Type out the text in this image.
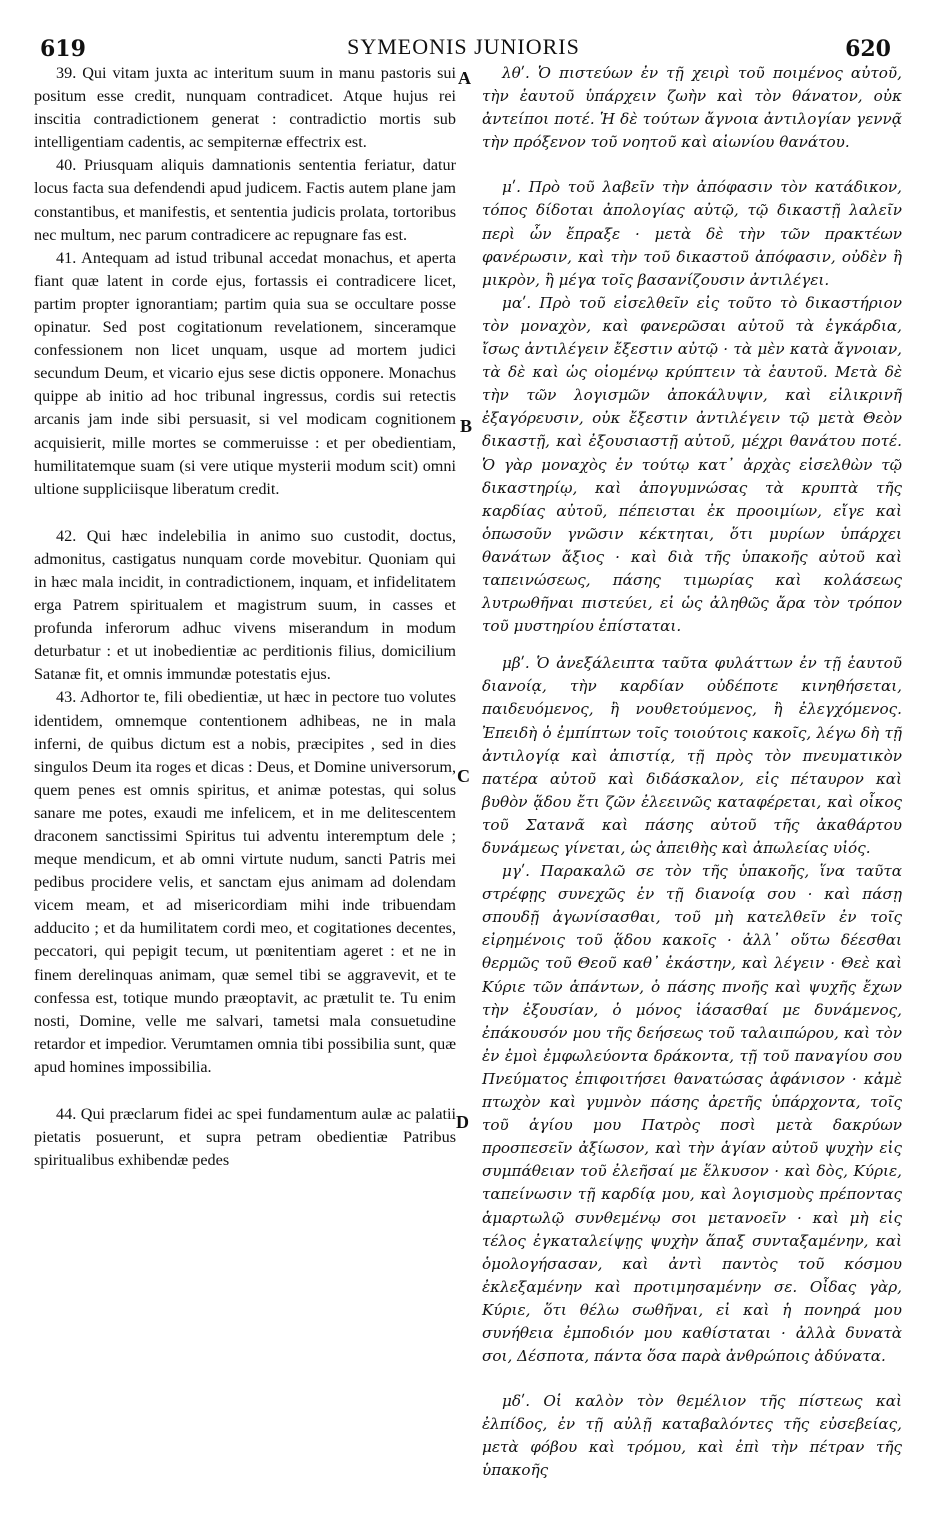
619	SYMEONIS JUNIORIS	620
A
B
C
D

39. Qui vitam juxta ac interitum suum in manu pastoris sui positum esse credit, nunquam contradicet. Atque hujus rei inscitia contradictionem generat : contradictio mortis sub intelligentiam cadentis, ac sempiternæ effectrix est.

40. Priusquam aliquis damnationis sententia feriatur, datur locus facta sua defendendi apud judicem. Factis autem plane jam constantibus, et manifestis, et sententia judicis prolata, tortoribus nec multum, nec parum contradicere ac repugnare fas est.

41. Antequam ad istud tribunal accedat monachus, et aperta fiant quæ latent in corde ejus, fortassis ei contradicere licet, partim propter ignorantiam; partim quia sua se occultare posse opinatur. Sed post cogitationum revelationem, sinceramque confessionem non licet unquam, usque ad mortem judici secundum Deum, et vicario ejus sese dictis opponere. Monachus quippe ab initio ad hoc tribunal ingressus, cordis sui retectis arcanis jam inde sibi persuasit, si vel modicam cognitionem acquisierit, mille mortes se commeruisse : et per obedientiam, humilitatemque suam (si vere utique mysterii modum scit) omni ultione suppliciisque liberatum credit.

42. Qui hæc indelebilia in animo suo custodit, doctus, admonitus, castigatus nunquam corde movebitur. Quoniam qui in hæc mala incidit, in contradictionem, inquam, et infidelitatem erga Patrem spiritualem et magistrum suum, in casses et profunda inferorum adhuc vivens miserandum in modum deturbatur : et ut inobedientiæ ac perditionis filius, domicilium Satanæ fit, et omnis immundæ potestatis ejus.

43. Adhortor te, fili obedientiæ, ut hæc in pectore tuo volutes identidem, omnemque contentionem adhibeas, ne in mala inferni, de quibus dictum est a nobis, præcipites , sed in dies singulos Deum ita roges et dicas : Deus, et Domine universorum, quem penes est omnis spiritus, et animæ potestas, qui solus sanare me potes, exaudi me infelicem, et in me delitescentem draconem sanctissimi Spiritus tui adventu interemptum dele ; meque mendicum, et ab omni virtute nudum, sancti Patris mei pedibus procidere velis, et sanctam ejus animam ad dolendam vicem meam, et ad misericordiam mihi inde tribuendam adducito ; et da humilitatem cordi meo, et cogitationes decentes, peccatori, qui pepigit tecum, ut pœnitentiam ageret : et ne in finem derelinquas animam, quæ semel tibi se aggravevit, et te confessa est, totique mundo præoptavit, ac prætulit te. Tu enim nosti, Domine, velle me salvari, tametsi mala consuetudine retardor et impedior. Verumtamen omnia tibi possibilia sunt, quæ apud homines impossibilia.

44. Qui præclarum fidei ac spei fundamentum aulæ ac palatii pietatis posuerunt, et supra petram obedientiæ Patribus spiritualibus exhibendæ pedes

λθʹ. Ὁ πιστεύων ἐν τῇ χειρὶ τοῦ ποιμένος αὐτοῦ, τὴν ἑαυτοῦ ὑπάρχειν ζωὴν καὶ τὸν θάνατον, οὐκ ἀντείποι ποτέ. Ἡ δὲ τούτων ἄγνοια ἀντιλογίαν γεννᾷ τὴν πρόξενον τοῦ νοητοῦ καὶ αἰωνίου θανάτου.

μʹ. Πρὸ τοῦ λαβεῖν τὴν ἀπόφασιν τὸν κατάδικον, τόπος δίδοται ἀπολογίας αὐτῷ, τῷ δικαστῇ λαλεῖν περὶ ὧν ἔπραξε · μετὰ δὲ τὴν τῶν πρακτέων φανέρωσιν, καὶ τὴν τοῦ δικαστοῦ ἀπόφασιν, οὐδὲν ἢ μικρὸν, ἢ μέγα τοῖς βασανίζουσιν ἀντιλέγει.

μαʹ. Πρὸ τοῦ εἰσελθεῖν εἰς τοῦτο τὸ δικαστήριον τὸν μοναχὸν, καὶ φανερῶσαι αὐτοῦ τὰ ἐγκάρδια, ἴσως ἀντιλέγειν ἔξεστιν αὐτῷ · τὰ μὲν κατὰ ἄγνοιαν, τὰ δὲ καὶ ὡς οἰομένῳ κρύπτειν τὰ ἑαυτοῦ. Μετὰ δὲ τὴν τῶν λογισμῶν ἀποκάλυψιν, καὶ εἰλικρινῆ ἐξαγόρευσιν, οὐκ ἔξεστιν ἀντιλέγειν τῷ μετὰ Θεὸν δικαστῇ, καὶ ἐξουσιαστῇ αὐτοῦ, μέχρι θανάτου ποτέ. Ὁ γὰρ μοναχὸς ἐν τούτῳ κατ᾽ ἀρχὰς εἰσελθὼν τῷ δικαστηρίῳ, καὶ ἀπογυμνώσας τὰ κρυπτὰ τῆς καρδίας αὐτοῦ, πέπεισται ἐκ προοιμίων, εἴγε καὶ ὁπωσοῦν γνῶσιν κέκτηται, ὅτι μυρίων ὑπάρχει θανάτων ἄξιος · καὶ διὰ τῆς ὑπακοῆς αὐτοῦ καὶ ταπεινώσεως, πάσης τιμωρίας καὶ κολάσεως λυτρωθῆναι πιστεύει, εἰ ὡς ἀληθῶς ἄρα τὸν τρόπον τοῦ μυστηρίου ἐπίσταται.

μβʹ. Ὁ ἀνεξάλειπτα ταῦτα φυλάττων ἐν τῇ ἑαυτοῦ διανοίᾳ, τὴν καρδίαν οὐδέποτε κινηθήσεται, παιδευόμενος, ἢ νουθετούμενος, ἢ ἐλεγχόμενος. Ἐπειδὴ ὁ ἐμπίπτων τοῖς τοιούτοις κακοῖς, λέγω δὴ τῇ ἀντιλογίᾳ καὶ ἀπιστίᾳ, τῇ πρὸς τὸν πνευματικὸν πατέρα αὐτοῦ καὶ διδάσκαλον, εἰς πέταυρον καὶ βυθὸν ᾅδου ἔτι ζῶν ἐλεεινῶς καταφέρεται, καὶ οἶκος τοῦ Σατανᾶ καὶ πάσης αὐτοῦ τῆς ἀκαθάρτου δυνάμεως γίνεται, ὡς ἀπειθὴς καὶ ἀπωλείας υἱός.

μγʹ. Παρακαλῶ σε τὸν τῆς ὑπακοῆς, ἵνα ταῦτα στρέφῃς συνεχῶς ἐν τῇ διανοίᾳ σου · καὶ πάσῃ σπουδῇ ἀγωνίσασθαι, τοῦ μὴ κατελθεῖν ἐν τοῖς εἰρημένοις τοῦ ᾅδου κακοῖς · ἀλλ᾽ οὕτω δέεσθαι θερμῶς τοῦ Θεοῦ καθ᾽ ἑκάστην, καὶ λέγειν · Θεὲ καὶ Κύριε τῶν ἁπάντων, ὁ πάσης πνοῆς καὶ ψυχῆς ἔχων τὴν ἐξουσίαν, ὁ μόνος ἰάσασθαί με δυνάμενος, ἐπάκουσόν μου τῆς δεήσεως τοῦ ταλαιπώρου, καὶ τὸν ἐν ἐμοὶ ἐμφωλεύοντα δράκοντα, τῇ τοῦ παναγίου σου Πνεύματος ἐπιφοιτήσει θανατώσας ἀφάνισον · κἀμὲ πτωχὸν καὶ γυμνὸν πάσης ἀρετῆς ὑπάρχοντα, τοῖς τοῦ ἁγίου μου Πατρὸς ποσὶ μετὰ δακρύων προσπεσεῖν ἀξίωσον, καὶ τὴν ἁγίαν αὐτοῦ ψυχὴν εἰς συμπάθειαν τοῦ ἐλεῆσαί με ἕλκυσον · καὶ δὸς, Κύριε, ταπείνωσιν τῇ καρδίᾳ μου, καὶ λογισμοὺς πρέποντας ἁμαρτωλῷ συνθεμένῳ σοι μετανοεῖν · καὶ μὴ εἰς τέλος ἐγκαταλείψῃς ψυχὴν ἅπαξ συνταξαμένην, καὶ ὁμολογήσασαν, καὶ ἀντὶ παντὸς τοῦ κόσμου ἐκλεξαμένην καὶ προτιμησαμένην σε. Οἶδας γὰρ, Κύριε, ὅτι θέλω σωθῆναι, εἰ καὶ ἡ πονηρά μου συνήθεια ἐμποδιόν μου καθίσταται · ἀλλὰ δυνατὰ σοι, Δέσποτα, πάντα ὅσα παρὰ ἀνθρώποις ἀδύνατα.

μδʹ. Οἱ καλὸν τὸν θεμέλιον τῆς πίστεως καὶ ἐλπίδος, ἐν τῇ αὐλῇ καταβαλόντες τῆς εὐσεβείας, μετὰ φόβου καὶ τρόμου, καὶ ἐπὶ τὴν πέτραν τῆς ὑπακοῆς
